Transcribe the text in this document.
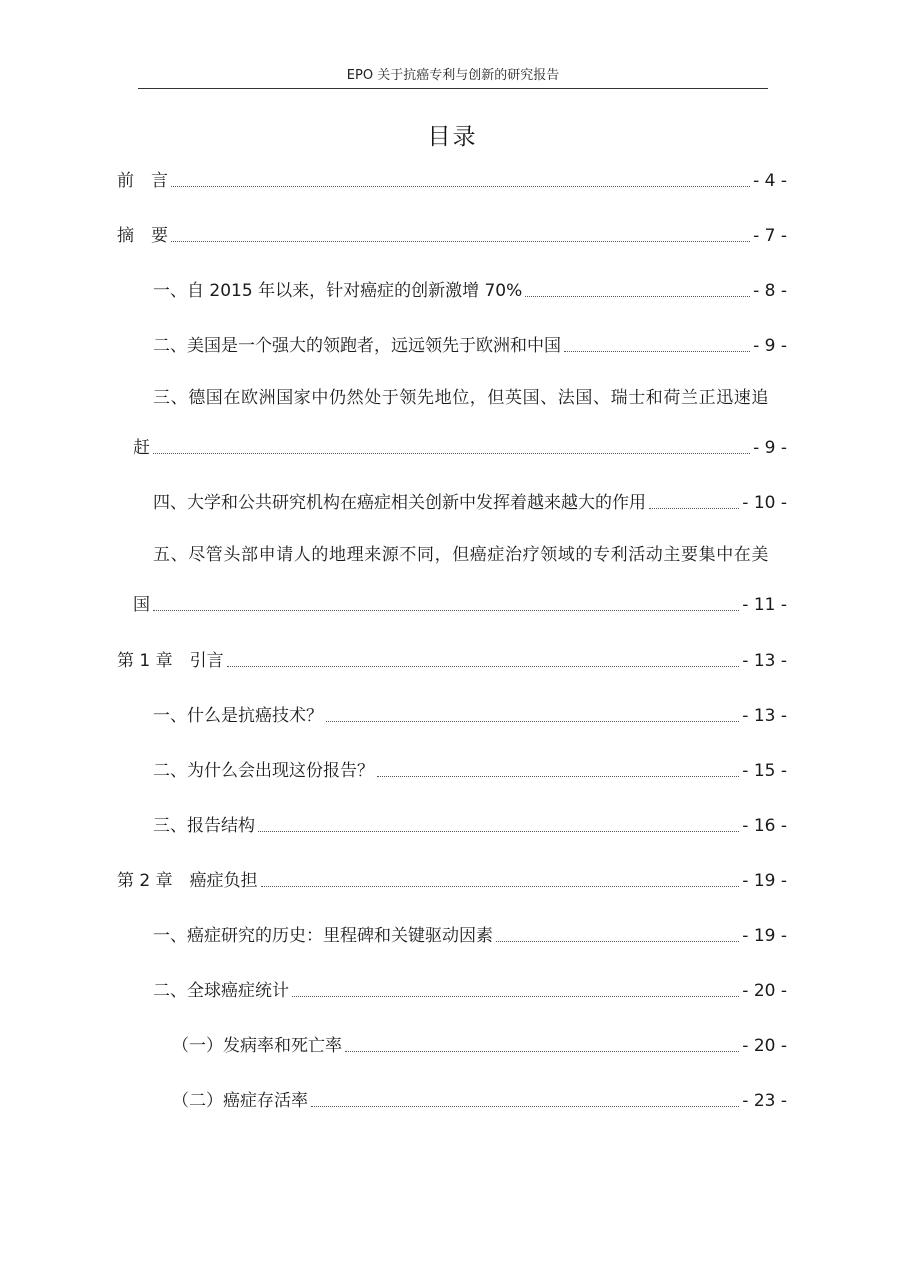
EPO 关于抗癌专利与创新的研究报告
目录
前　言	- 4 -
摘　要	- 7 -
一、自 2015 年以来，针对癌症的创新激增 70%	- 8 -
二、美国是一个强大的领跑者，远远领先于欧洲和中国	- 9 -
三、德国在欧洲国家中仍然处于领先地位，但英国、法国、瑞士和荷兰正迅速追
赶	- 9 -
四、大学和公共研究机构在癌症相关创新中发挥着越来越大的作用	- 10 -
五、尽管头部申请人的地理来源不同，但癌症治疗领域的专利活动主要集中在美
国	- 11 -
第 1 章　引言	- 13 -
一、什么是抗癌技术？	- 13 -
二、为什么会出现这份报告？	- 15 -
三、报告结构	- 16 -
第 2 章　癌症负担	- 19 -
一、癌症研究的历史：里程碑和关键驱动因素	- 19 -
二、全球癌症统计	- 20 -
（一）发病率和死亡率	- 20 -
（二）癌症存活率	- 23 -
